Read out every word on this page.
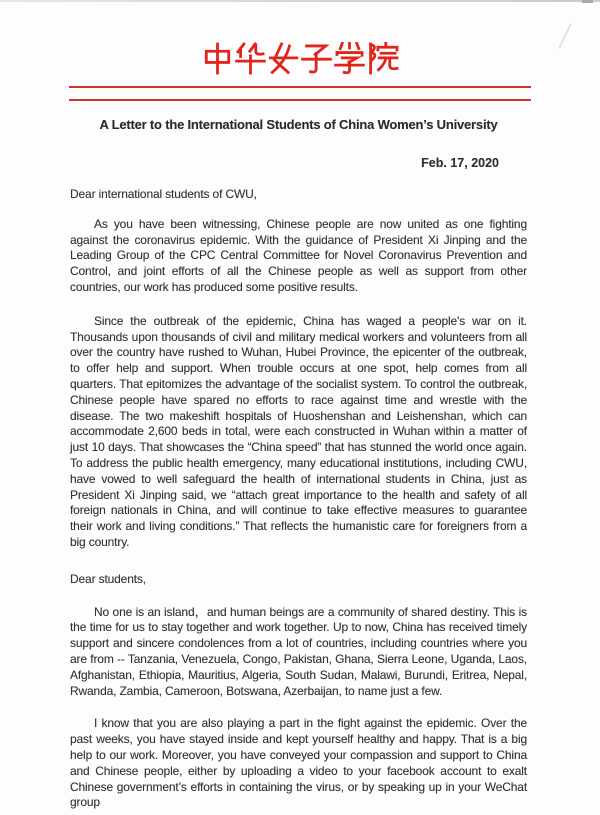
A Letter to the International Students of China Women’s University
Feb. 17, 2020

Dear international students of CWU,

As you have been witnessing, Chinese people are now united as one fighting against the coronavirus epidemic. With the guidance of President Xi Jinping and the Leading Group of the CPC Central Committee for Novel Coronavirus Prevention and Control, and joint efforts of all the Chinese people as well as support from other countries, our work has produced some positive results.

Since the outbreak of the epidemic, China has waged a people's war on it. Thousands upon thousands of civil and military medical workers and volunteers from all over the country have rushed to Wuhan, Hubei Province, the epicenter of the outbreak, to offer help and support. When trouble occurs at one spot, help comes from all quarters. That epitomizes the advantage of the socialist system. To control the outbreak, Chinese people have spared no efforts to race against time and wrestle with the disease. The two makeshift hospitals of Huoshenshan and Leishenshan, which can accommodate 2,600 beds in total, were each constructed in Wuhan within a matter of just 10 days. That showcases the “China speed” that has stunned the world once again. To address the public health emergency, many educational institutions, including CWU, have vowed to well safeguard the health of international students in China, just as President Xi Jinping said, we “attach great importance to the health and safety of all foreign nationals in China, and will continue to take effective measures to guarantee their work and living conditions.” That reflects the humanistic care for foreigners from a big country.

Dear students,

No one is an island，and human beings are a community of shared destiny. This is the time for us to stay together and work together. Up to now, China has received timely support and sincere condolences from a lot of countries, including countries where you are from -- Tanzania, Venezuela, Congo, Pakistan, Ghana, Sierra Leone, Uganda, Laos, Afghanistan, Ethiopia, Mauritius, Algeria, South Sudan, Malawi, Burundi, Eritrea, Nepal, Rwanda, Zambia, Cameroon, Botswana, Azerbaijan, to name just a few.

I know that you are also playing a part in the fight against the epidemic. Over the past weeks, you have stayed inside and kept yourself healthy and happy. That is a big help to our work. Moreover, you have conveyed your compassion and support to China and Chinese people, either by uploading a video to your facebook account to exalt Chinese government’s efforts in containing the virus, or by speaking up in your WeChat group
